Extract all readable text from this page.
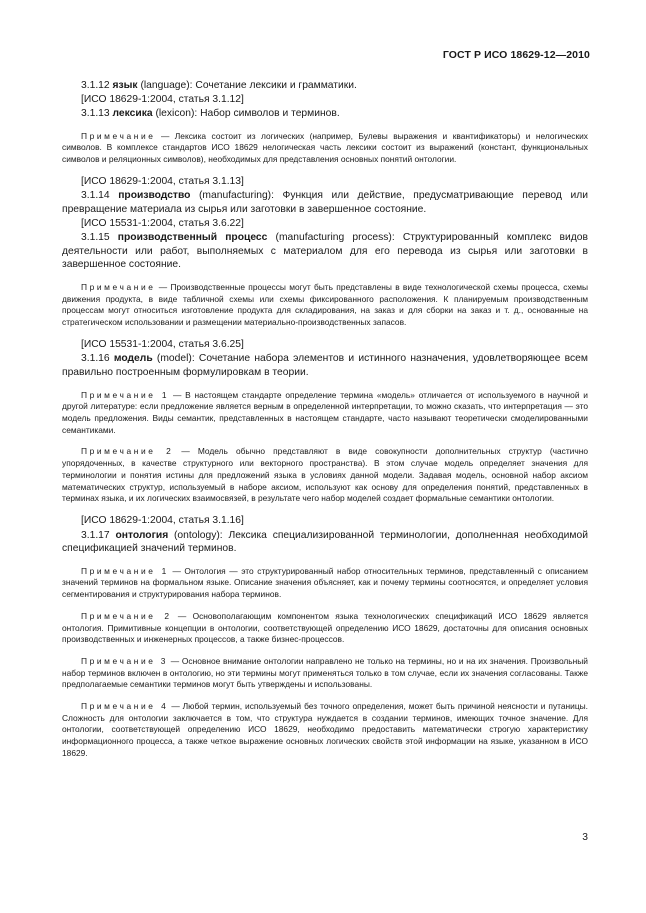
ГОСТ Р ИСО 18629-12—2010

3.1.12 язык (language): Сочетание лексики и грамматики.

[ИСО 18629-1:2004, статья 3.1.12]

3.1.13 лексика (lexicon): Набор символов и терминов.

Примечание — Лексика состоит из логических (например, Булевы выражения и квантификаторы) и нелогических символов. В комплексе стандартов ИСО 18629 нелогическая часть лексики состоит из выражений (констант, функциональных символов и реляционных символов), необходимых для представления основных понятий онтологии.

[ИСО 18629-1:2004, статья 3.1.13]

3.1.14 производство (manufacturing): Функция или действие, предусматривающие перевод или превращение материала из сырья или заготовки в завершенное состояние.

[ИСО 15531-1:2004, статья 3.6.22]

3.1.15 производственный процесс (manufacturing process): Структурированный комплекс видов деятельности или работ, выполняемых с материалом для его перевода из сырья или заготовки в завершенное состояние.

Примечание — Производственные процессы могут быть представлены в виде технологической схемы процесса, схемы движения продукта, в виде табличной схемы или схемы фиксированного расположения. К планируемым производственным процессам могут относиться изготовление продукта для складирования, на заказ и для сборки на заказ и т. д., основанные на стратегическом использовании и размещении материально-производственных запасов.

[ИСО 15531-1:2004, статья 3.6.25]

3.1.16 модель (model): Сочетание набора элементов и истинного назначения, удовлетворяющее всем правильно построенным формулировкам в теории.

Примечание 1 — В настоящем стандарте определение термина «модель» отличается от используемого в научной и другой литературе: если предложение является верным в определенной интерпретации, то можно сказать, что интерпретация — это модель предложения. Виды семантик, представленных в настоящем стандарте, часто называют теоретически смоделированными семантиками.

Примечание 2 — Модель обычно представляют в виде совокупности дополнительных структур (частично упорядоченных, в качестве структурного или векторного пространства). В этом случае модель определяет значения для терминологии и понятия истины для предложений языка в условиях данной модели. Задавая модель, основной набор аксиом математических структур, используемый в наборе аксиом, используют как основу для определения понятий, представленных в терминах языка, и их логических взаимосвязей, в результате чего набор моделей создает формальные семантики онтологии.

[ИСО 18629-1:2004, статья 3.1.16]

3.1.17 онтология (ontology): Лексика специализированной терминологии, дополненная необходимой спецификацией значений терминов.

Примечание 1 — Онтология — это структурированный набор относительных терминов, представленный с описанием значений терминов на формальном языке. Описание значения объясняет, как и почему термины соотносятся, и определяет условия сегментирования и структурирования набора терминов.

Примечание 2 — Основополагающим компонентом языка технологических спецификаций ИСО 18629 является онтология. Примитивные концепции в онтологии, соответствующей определению ИСО 18629, достаточны для описания основных производственных и инженерных процессов, а также бизнес-процессов.

Примечание 3 — Основное внимание онтологии направлено не только на термины, но и на их значения. Произвольный набор терминов включен в онтологию, но эти термины могут применяться только в том случае, если их значения согласованы. Также предполагаемые семантики терминов могут быть утверждены и использованы.

Примечание 4 — Любой термин, используемый без точного определения, может быть причиной неясности и путаницы. Сложность для онтологии заключается в том, что структура нуждается в создании терминов, имеющих точное значение. Для онтологии, соответствующей определению ИСО 18629, необходимо предоставить математически строгую характеристику информационного процесса, а также четкое выражение основных логических свойств этой информации на языке, указанном в ИСО 18629.

3
